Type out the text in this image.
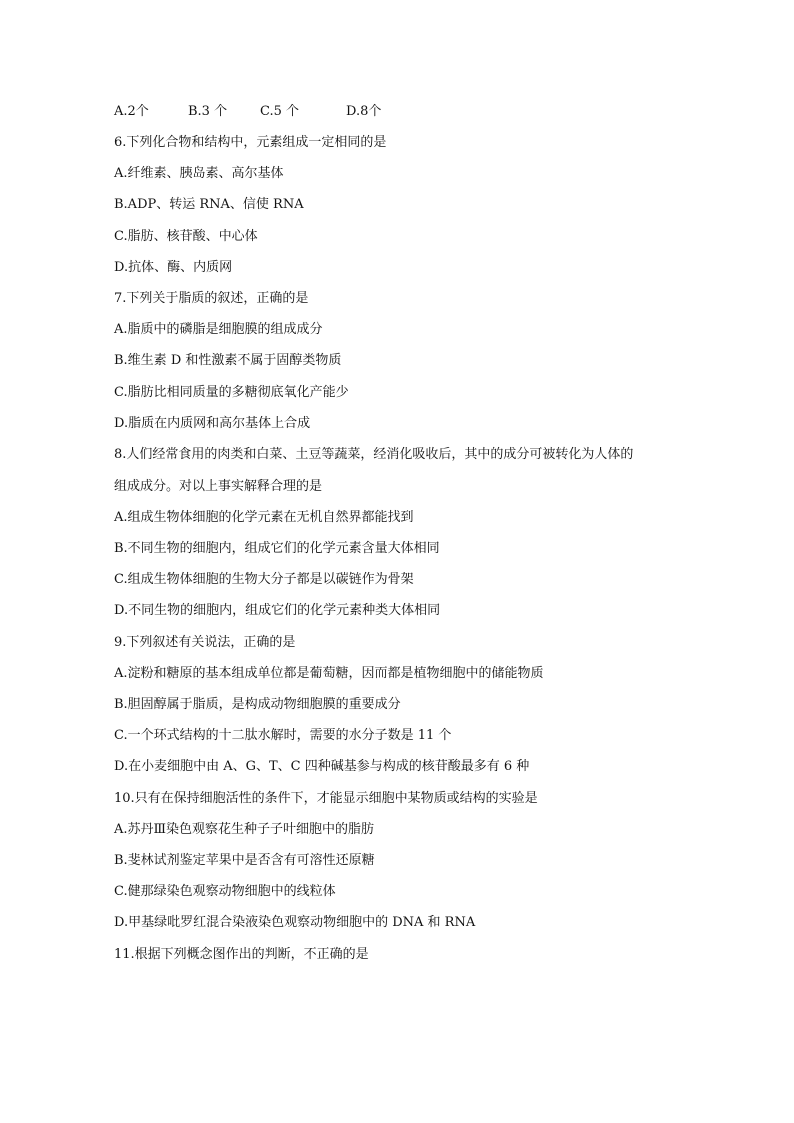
A.2个	B.3 个	C.5 个	D.8个
6.下列化合物和结构中，元素组成一定相同的是
A.纤维素、胰岛素、高尔基体
B.ADP、转运 RNA、信使 RNA
C.脂肪、核苷酸、中心体
D.抗体、酶、内质网
7.下列关于脂质的叙述，正确的是
A.脂质中的磷脂是细胞膜的组成成分
B.维生素 D 和性激素不属于固醇类物质
C.脂肪比相同质量的多糖彻底氧化产能少
D.脂质在内质网和高尔基体上合成
8.人们经常食用的肉类和白菜、土豆等蔬菜，经消化吸收后，其中的成分可被转化为人体的
组成成分。对以上事实解释合理的是
A.组成生物体细胞的化学元素在无机自然界都能找到
B.不同生物的细胞内，组成它们的化学元素含量大体相同
C.组成生物体细胞的生物大分子都是以碳链作为骨架
D.不同生物的细胞内，组成它们的化学元素种类大体相同
9.下列叙述有关说法，正确的是
A.淀粉和糖原的基本组成单位都是葡萄糖，因而都是植物细胞中的储能物质
B.胆固醇属于脂质，是构成动物细胞膜的重要成分
C.一个环式结构的十二肽水解时，需要的水分子数是 11 个
D.在小麦细胞中由 A、G、T、C 四种碱基参与构成的核苷酸最多有 6 种
10.只有在保持细胞活性的条件下，才能显示细胞中某物质或结构的实验是
A.苏丹Ⅲ染色观察花生种子子叶细胞中的脂肪
B.斐林试剂鉴定苹果中是否含有可溶性还原糖
C.健那绿染色观察动物细胞中的线粒体
D.甲基绿吡罗红混合染液染色观察动物细胞中的 DNA 和 RNA
11.根据下列概念图作出的判断，不正确的是
